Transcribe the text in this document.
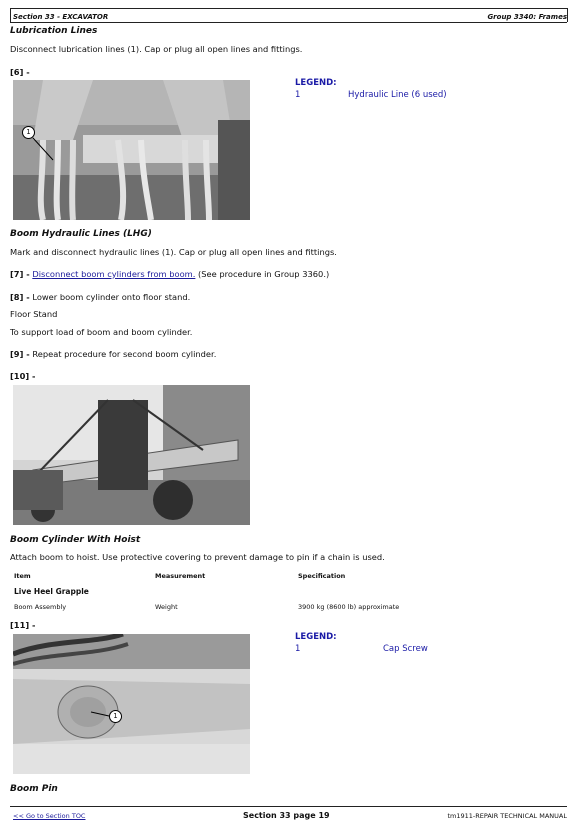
Section 33 - EXCAVATOR	Group 3340: Frames
Lubrication Lines
Disconnect lubrication lines (1). Cap or plug all open lines and fittings.
[6] -
1
LEGEND:
1	Hydraulic Line (6 used)
Boom Hydraulic Lines (LHG)
Mark and disconnect hydraulic lines (1). Cap or plug all open lines and fittings.
[7] - Disconnect boom cylinders from boom. (See procedure in Group 3360.)
[8] - Lower boom cylinder onto floor stand.
Floor Stand
To support load of boom and boom cylinder.
[9] - Repeat procedure for second boom cylinder.
[10] -
Boom Cylinder With Hoist
Attach boom to hoist. Use protective covering to prevent damage to pin if a chain is used.
Item	Measurement	Specification
Live Heel Grapple
Boom Assembly	Weight	3900 kg (8600 lb) approximate
[11] -
1
LEGEND:
1	Cap Screw
Boom Pin
<< Go to Section TOC	Section 33 page 19	tm1911-REPAIR TECHNICAL MANUAL
